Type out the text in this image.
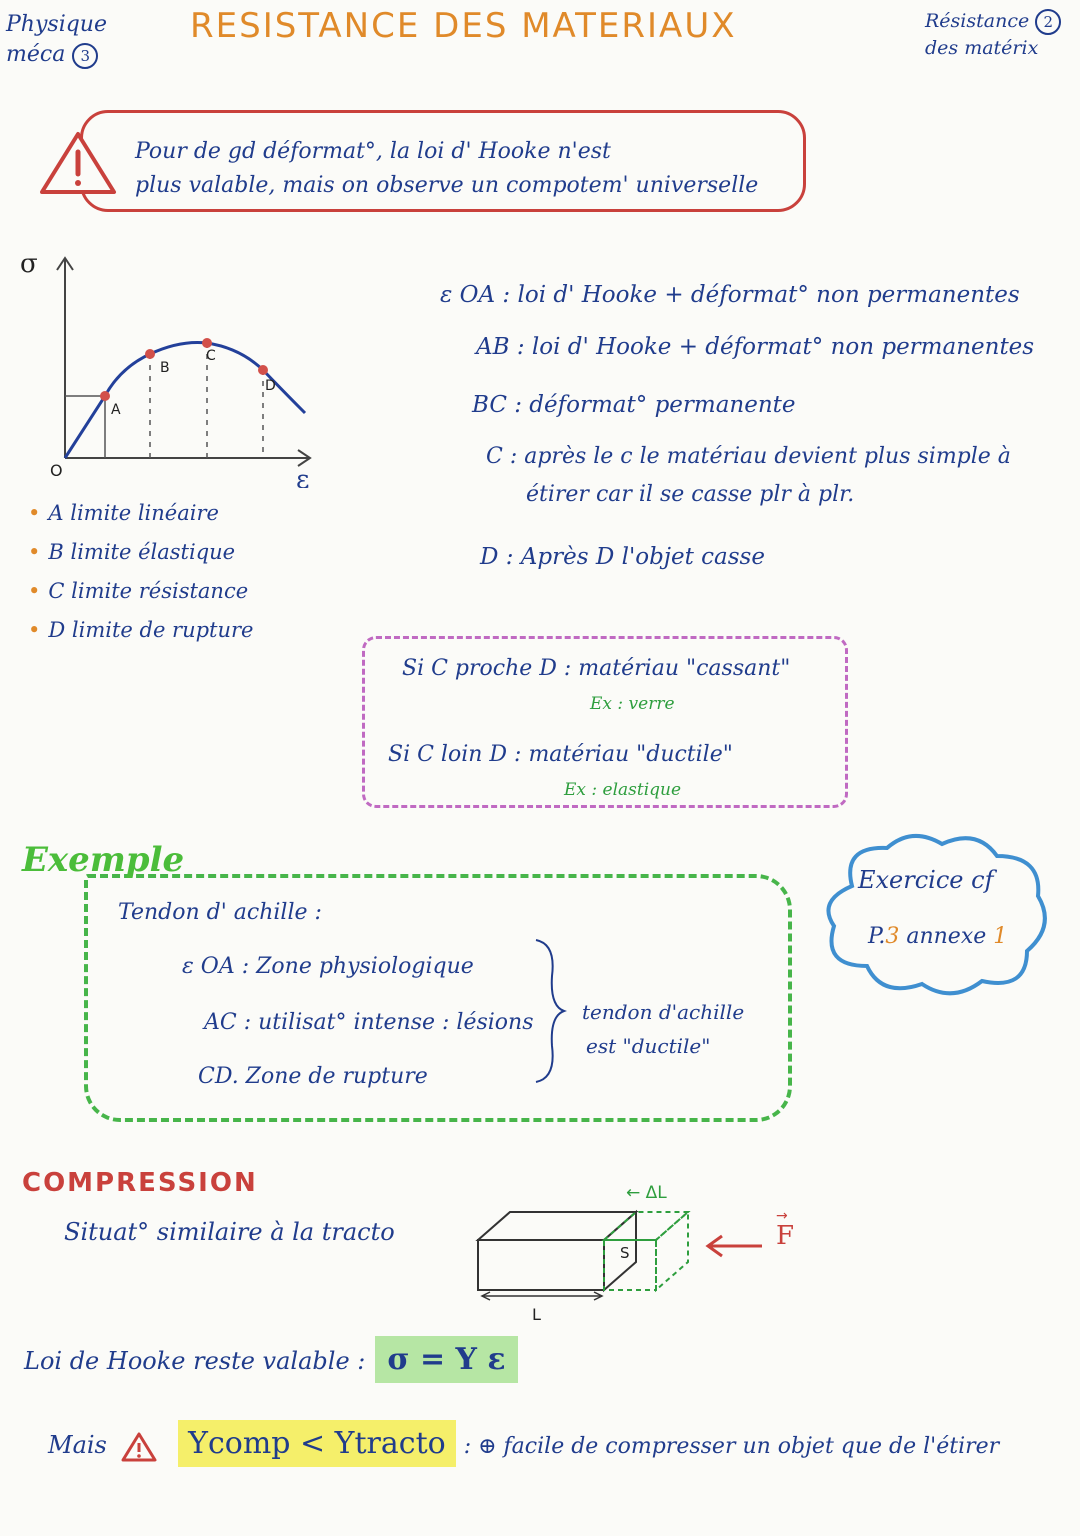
Physique
méca 3
RESISTANCE DES MATERIAUX	Résistance 2
des matérix
Pour de gd déformat°, la loi d' Hooke n'est
plus valable, mais on observe un compotem' universelle
σ
ε
O
A
B
C
D
• A limite linéaire
• B limite élastique
• C limite résistance
• D limite de rupture
ε OA : loi d' Hooke + déformat° non permanentes
AB : loi d' Hooke + déformat° non permanentes
BC : déformat° permanente
C : après le c le matériau devient plus simple à
étirer car il se casse plr à plr.
D : Après D l'objet casse
Si C proche D : matériau "cassant"
Ex : verre
Si C loin D : matériau "ductile"
Ex : elastique
Exemple
Tendon d' achille :
ε OA : Zone physiologique
AC : utilisat° intense : lésions
CD. Zone de rupture
tendon d'achille
est "ductile"
Exercice cf
P.3 annexe 1
COMPRESSION
Situat° similaire à la tracto
S
L
← ΔL
F
→
Loi de Hooke reste valable : σ = Y ε
Mais	Ycomp < Ytracto : ⊕ facile de compresser un objet que de l'étirer
